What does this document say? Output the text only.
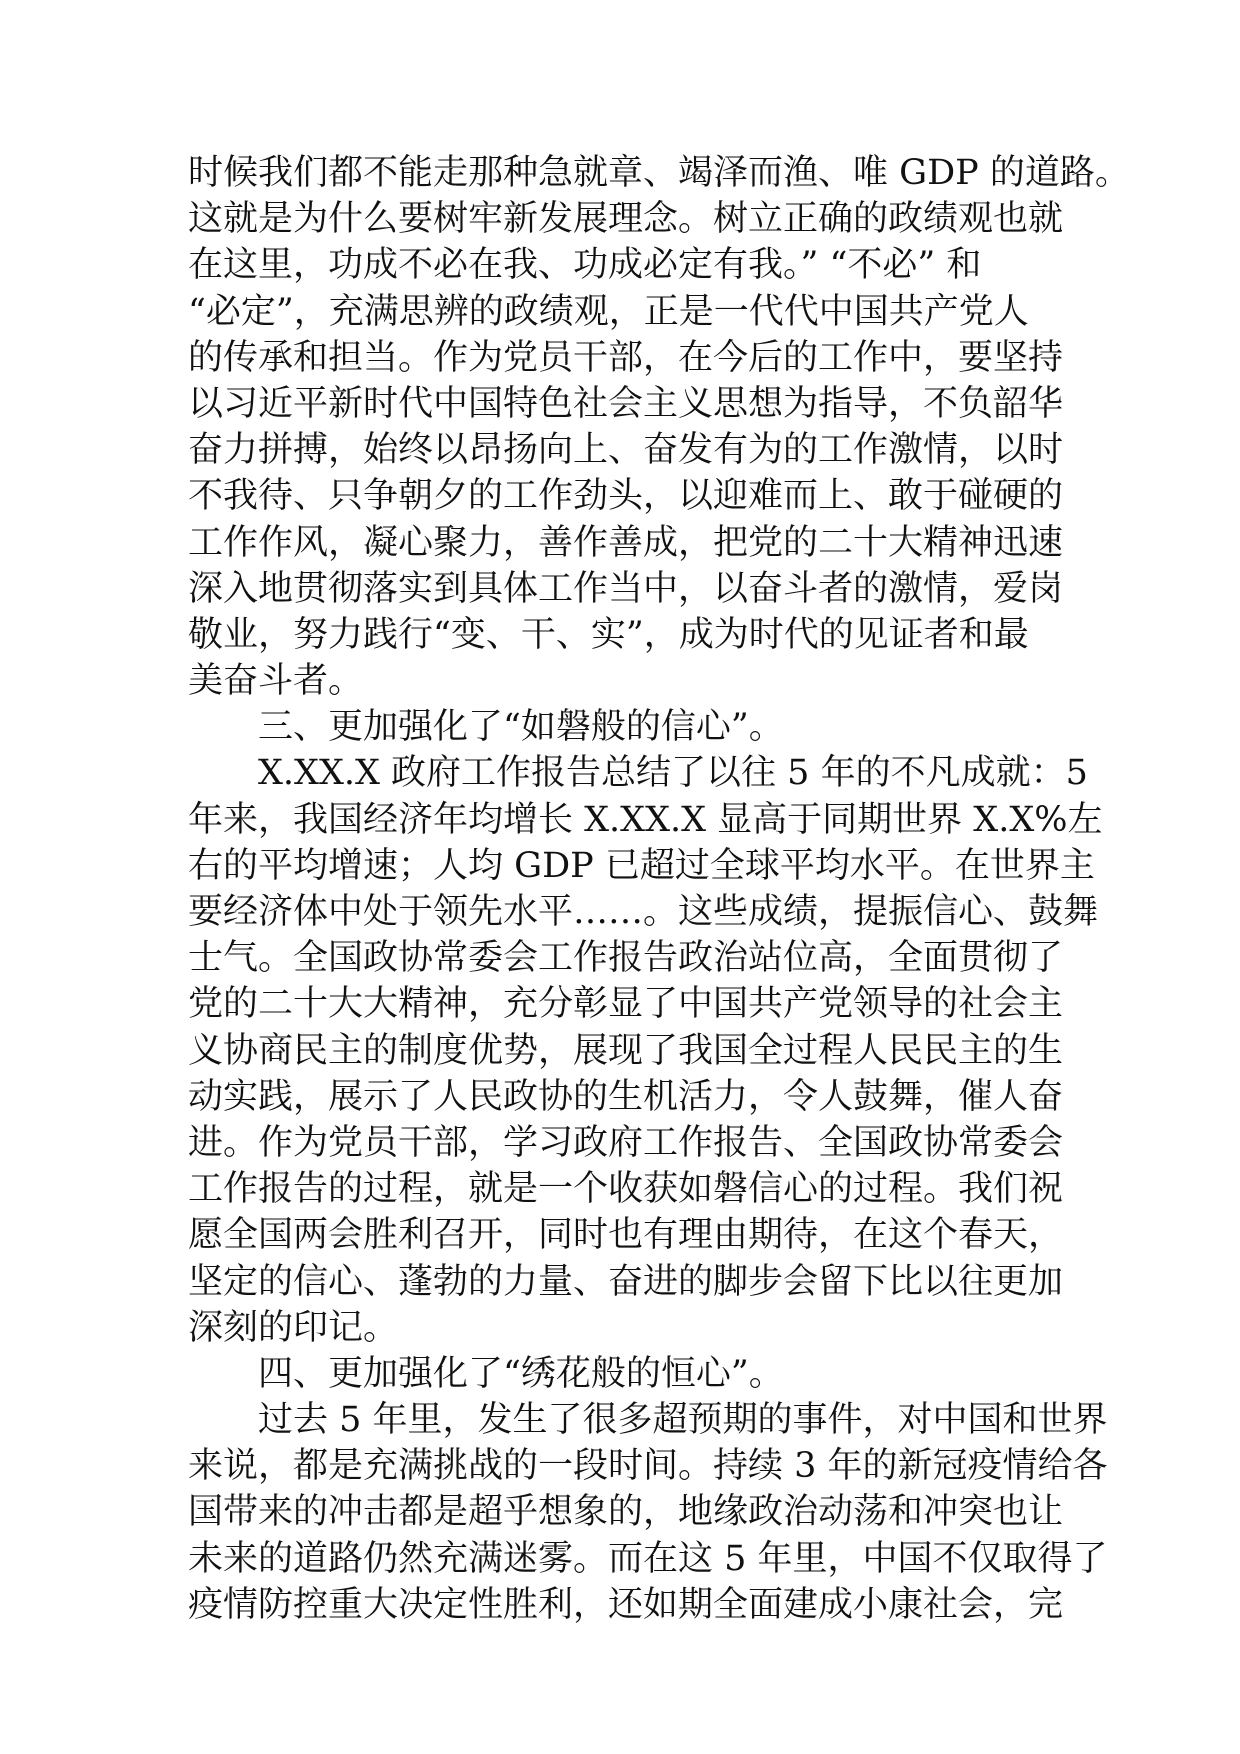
时候我们都不能走那种急就章、竭泽而渔、唯 GDP 的道路。
这就是为什么要树牢新发展理念。树立正确的政绩观也就
在这里，功成不必在我、功成必定有我。” “不必” 和
“必定”，充满思辨的政绩观，正是一代代中国共产党人
的传承和担当。作为党员干部，在今后的工作中，要坚持
以习近平新时代中国特色社会主义思想为指导，不负韶华
奋力拼搏，始终以昂扬向上、奋发有为的工作激情，以时
不我待、只争朝夕的工作劲头，以迎难而上、敢于碰硬的
工作作风，凝心聚力，善作善成，把党的二十大精神迅速
深入地贯彻落实到具体工作当中，以奋斗者的激情，爱岗
敬业，努力践行“变、干、实”，成为时代的见证者和最
美奋斗者。
三、更加强化了“如磐般的信心”。
X.XX.X 政府工作报告总结了以往 5 年的不凡成就：5
年来，我国经济年均增长 X.XX.X 显高于同期世界 X.X%左
右的平均增速；人均 GDP 已超过全球平均水平。在世界主
要经济体中处于领先水平……。这些成绩，提振信心、鼓舞
士气。全国政协常委会工作报告政治站位高，全面贯彻了
党的二十大大精神，充分彰显了中国共产党领导的社会主
义协商民主的制度优势，展现了我国全过程人民民主的生
动实践，展示了人民政协的生机活力，令人鼓舞，催人奋
进。作为党员干部，学习政府工作报告、全国政协常委会
工作报告的过程，就是一个收获如磐信心的过程。我们祝
愿全国两会胜利召开，同时也有理由期待，在这个春天，
坚定的信心、蓬勃的力量、奋进的脚步会留下比以往更加
深刻的印记。
四、更加强化了“绣花般的恒心”。
过去 5 年里，发生了很多超预期的事件，对中国和世界
来说，都是充满挑战的一段时间。持续 3 年的新冠疫情给各
国带来的冲击都是超乎想象的，地缘政治动荡和冲突也让
未来的道路仍然充满迷雾。而在这 5 年里，中国不仅取得了
疫情防控重大决定性胜利，还如期全面建成小康社会，完
